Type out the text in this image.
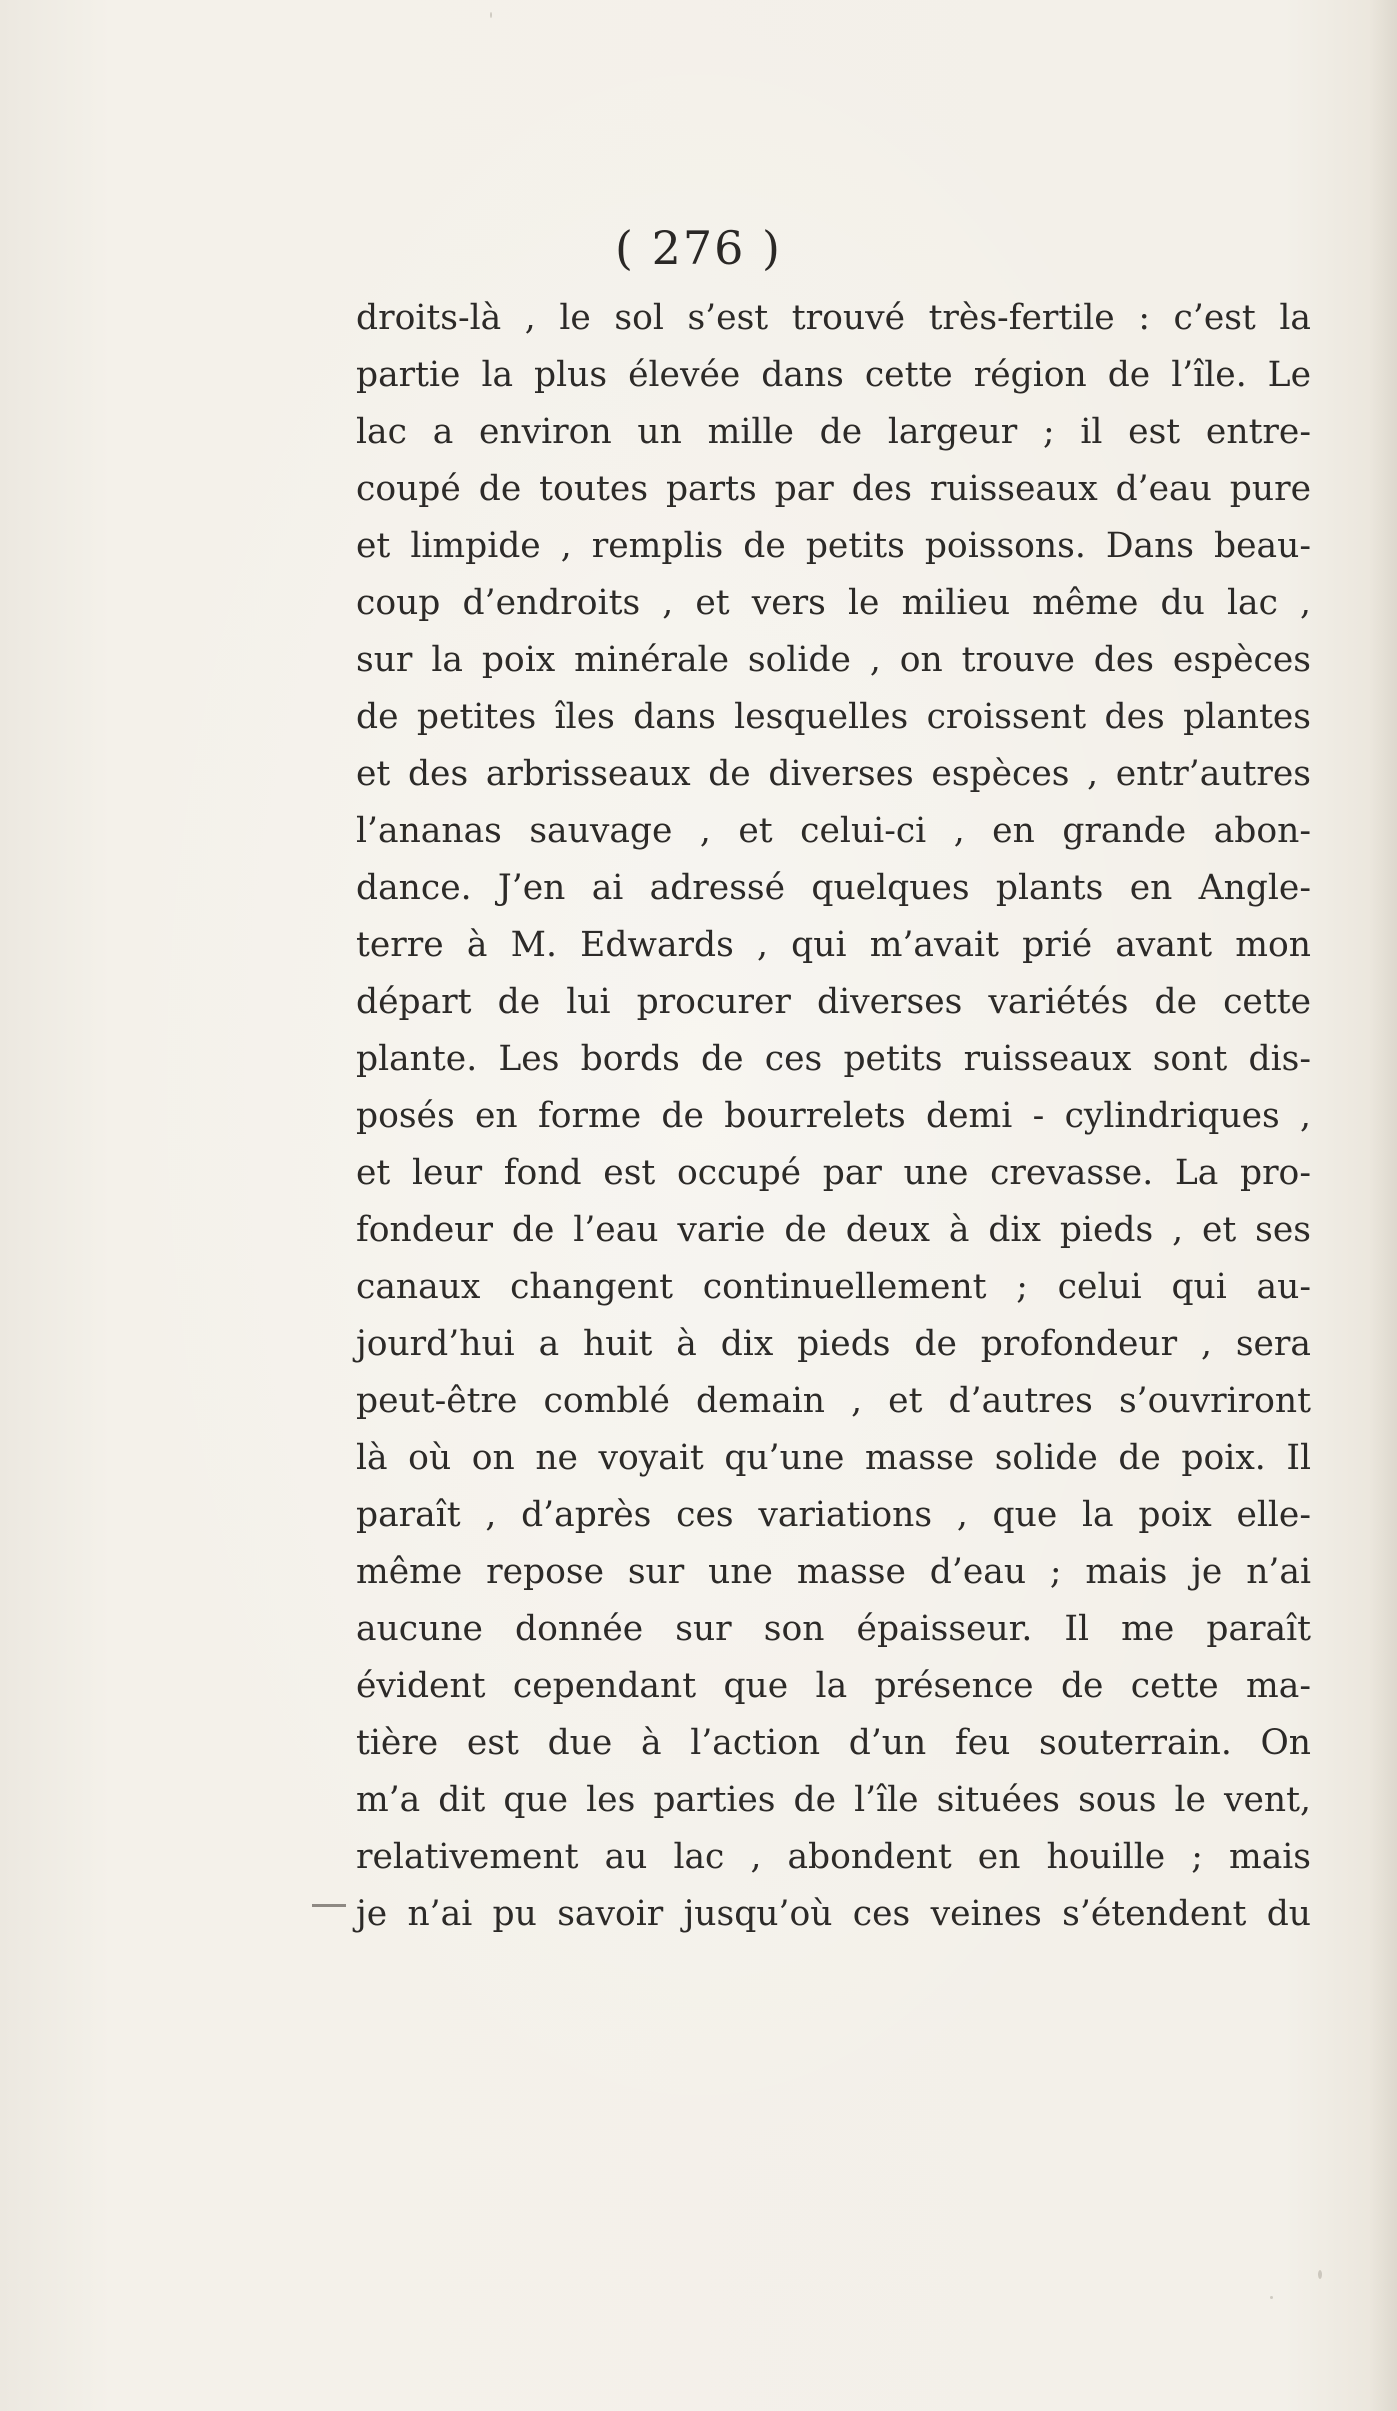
( 276 )
droits-là , le sol s’est trouvé très-fertile : c’est la
partie la plus élevée dans cette région de l’île. Le
lac a environ un mille de largeur ; il est entre-
coupé de toutes parts par des ruisseaux d’eau pure
et limpide , remplis de petits poissons. Dans beau-
coup d’endroits , et vers le milieu même du lac ,
sur la poix minérale solide , on trouve des espèces
de petites îles dans lesquelles croissent des plantes
et des arbrisseaux de diverses espèces , entr’autres
l’ananas sauvage , et celui-ci , en grande abon-
dance. J’en ai adressé quelques plants en Angle-
terre à M. Edwards , qui m’avait prié avant mon
départ de lui procurer diverses variétés de cette
plante. Les bords de ces petits ruisseaux sont dis-
posés en forme de bourrelets demi - cylindriques ,
et leur fond est occupé par une crevasse. La pro-
fondeur de l’eau varie de deux à dix pieds , et ses
canaux changent continuellement ; celui qui au-
jourd’hui a huit à dix pieds de profondeur , sera
peut-être comblé demain , et d’autres s’ouvriront
là où on ne voyait qu’une masse solide de poix. Il
paraît , d’après ces variations , que la poix elle-
même repose sur une masse d’eau ; mais je n’ai
aucune donnée sur son épaisseur. Il me paraît
évident cependant que la présence de cette ma-
tière est due à l’action d’un feu souterrain. On
m’a dit que les parties de l’île situées sous le vent,
relativement au lac , abondent en houille ; mais
je n’ai pu savoir jusqu’où ces veines s’étendent du
